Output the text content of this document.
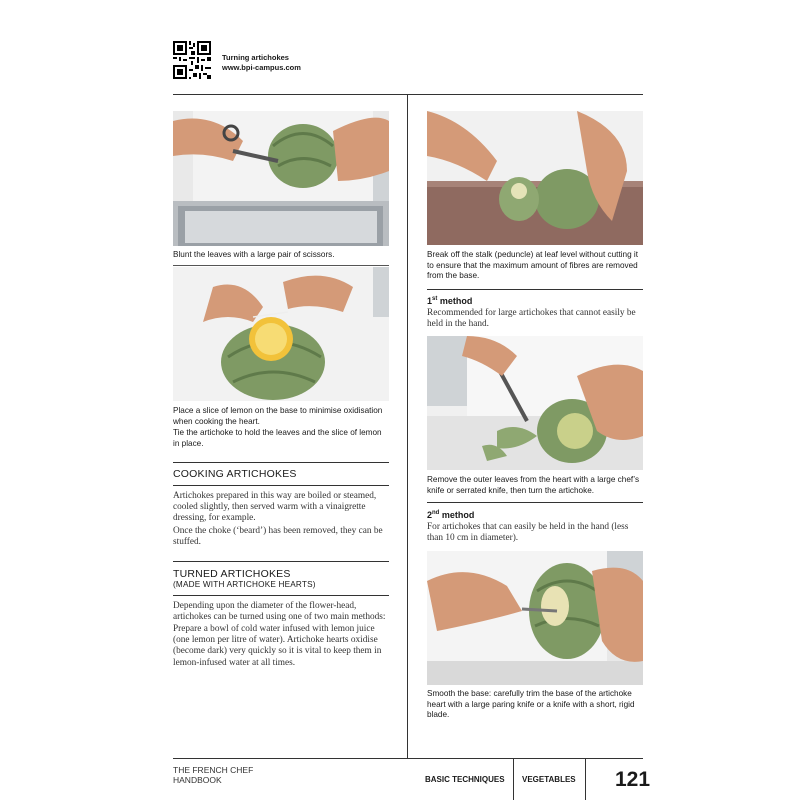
Turning artichokes
www.bpi-campus.com
Blunt the leaves with a large pair of scissors.
Place a slice of lemon on the base to minimise oxidisation when cooking the heart.
Tie the artichoke to hold the leaves and the slice of lemon in place.
COOKING ARTICHOKES
Artichokes prepared in this way are boiled or steamed, cooled slightly, then served warm with a vinaigrette dressing, for example.
Once the choke (‘beard’) has been removed, they can be stuffed.
TURNED ARTICHOKES
(MADE WITH ARTICHOKE HEARTS)
Depending upon the diameter of the flower-head, artichokes can be turned using one of two main methods:
Prepare a bowl of cold water infused with lemon juice (one lemon per litre of water). Artichoke hearts oxidise (become dark) very quickly so it is vital to keep them in lemon-infused water at all times.
Break off the stalk (peduncle) at leaf level without cutting it to ensure that the maximum amount of fibres are removed from the base.
1st method
Recommended for large artichokes that cannot easily be held in the hand.
Remove the outer leaves from the heart with a large chef’s knife or serrated knife, then turn the artichoke.
2nd method
For artichokes that can easily be held in the hand (less than 10 cm in diameter).
Smooth the base: carefully trim the base of the artichoke heart with a large paring knife or a knife with a short, rigid blade.
THE FRENCH CHEF
HANDBOOK	BASIC TECHNIQUES VEGETABLES 121
